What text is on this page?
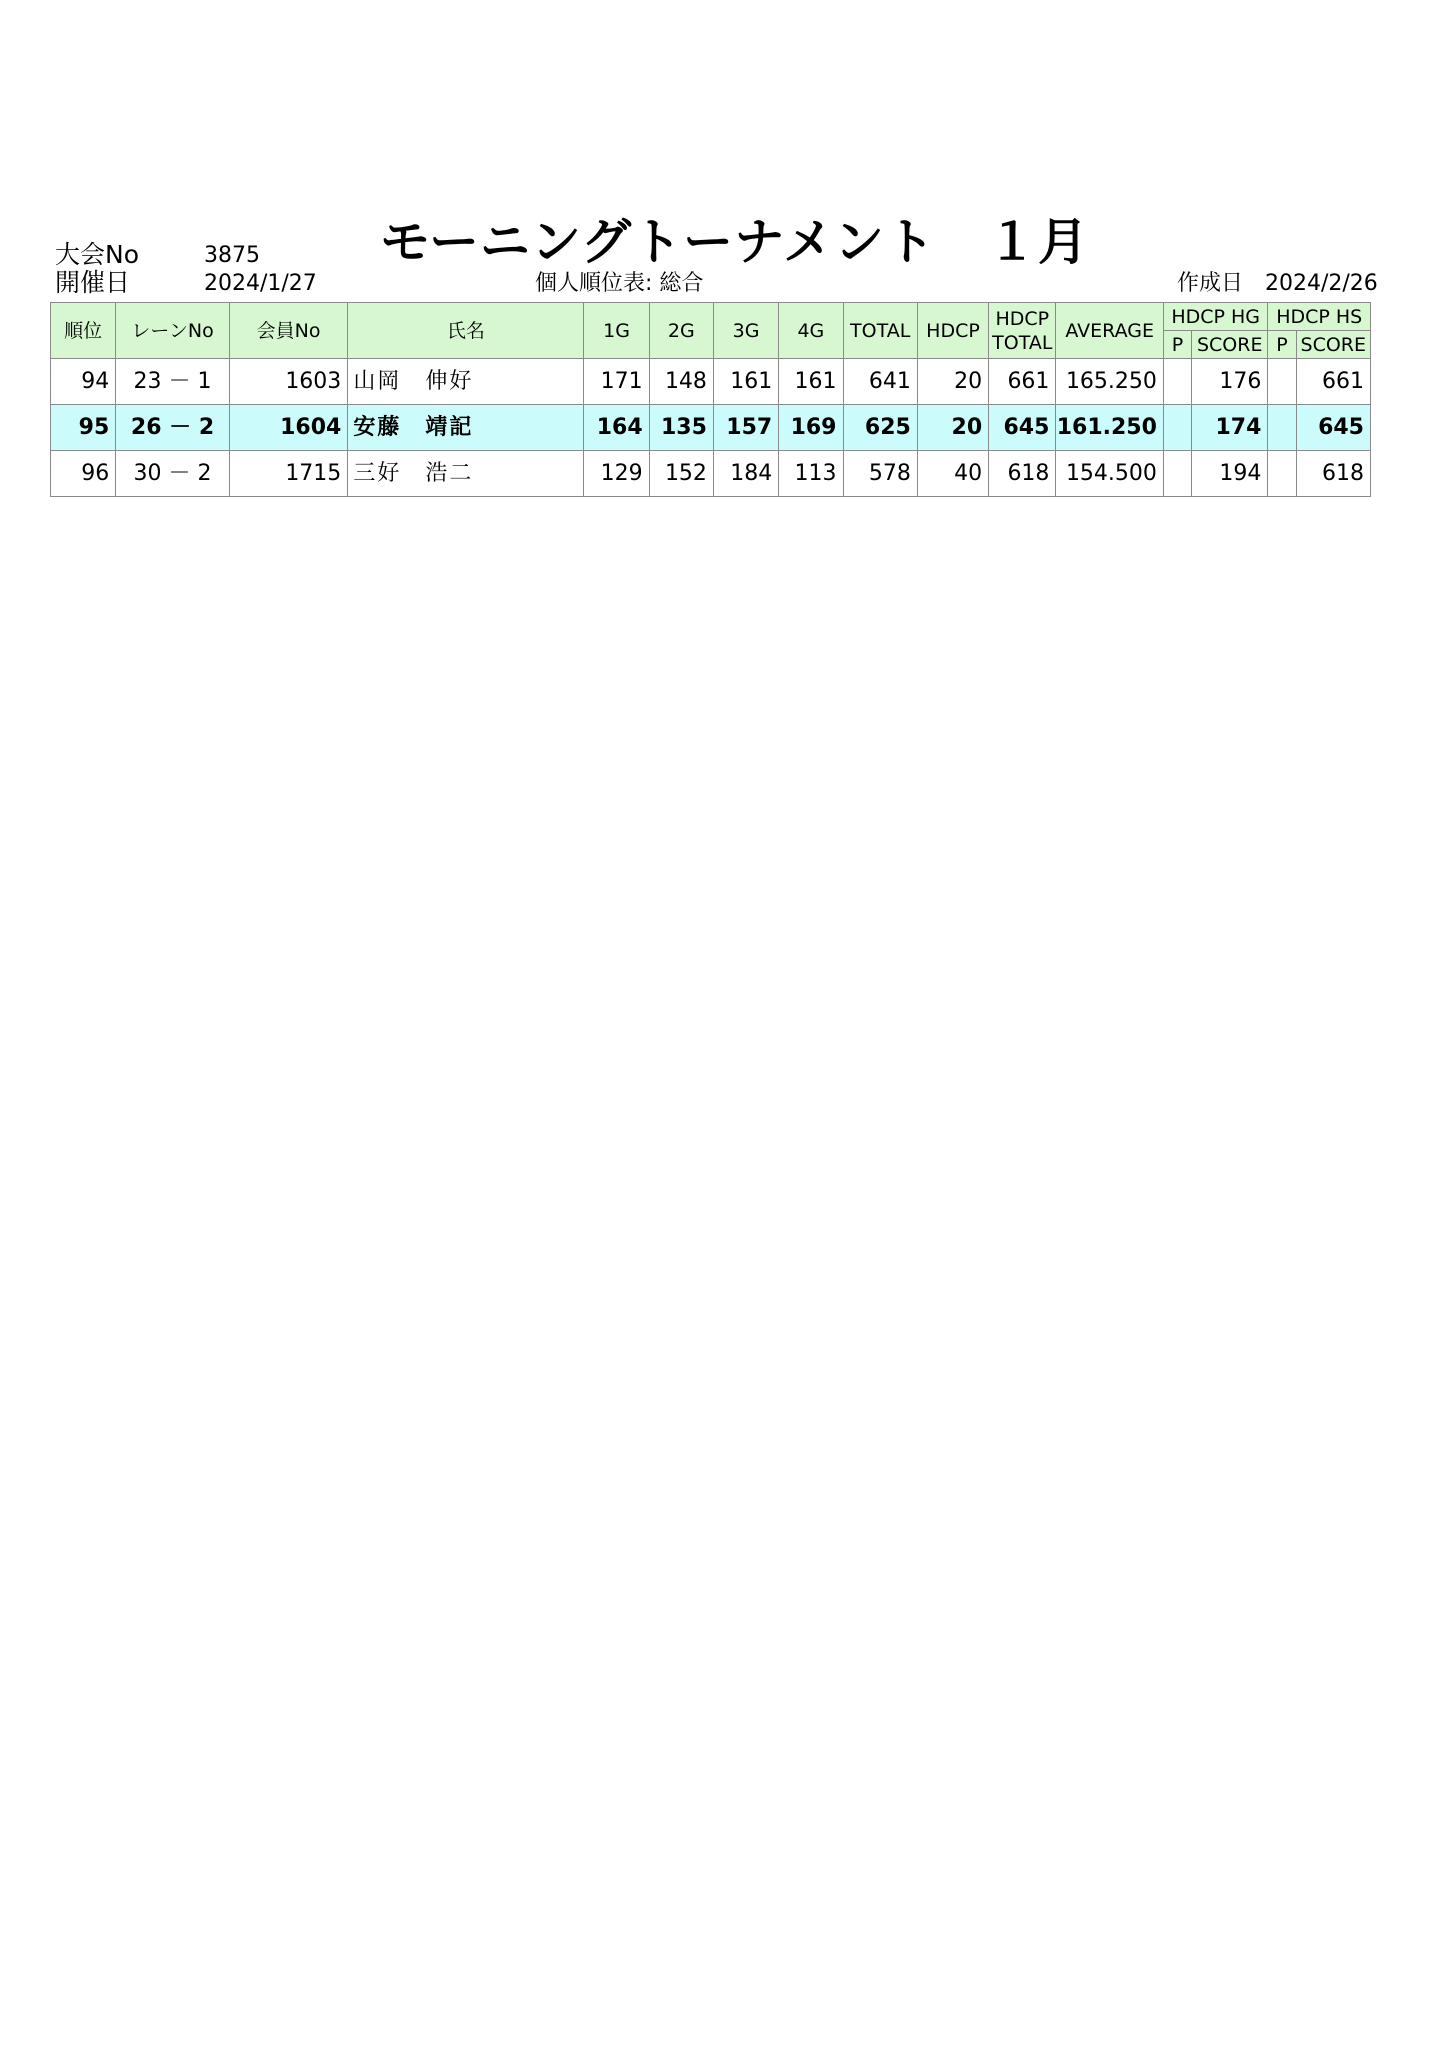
大会No	3875
開催日	2024/1/27
モーニングトーナメント　１月
個人順位表: 総合	作成日 2024/2/26
順位	レーンNo	会員No	氏名	1G	2G	3G	4G	TOTAL	HDCP	HDCP
TOTAL	AVERAGE	HDCP HG		HDCP HS	
												P	SCORE	P	SCORE
94	23 － 1	1603	山岡　伸好	171	148	161	161	641	20	661	165.250		176		661
95	26 － 2	1604	安藤　靖記	164	135	157	169	625	20	645	161.250		174		645
96	30 － 2	1715	三好　浩二	129	152	184	113	578	40	618	154.500		194		618
